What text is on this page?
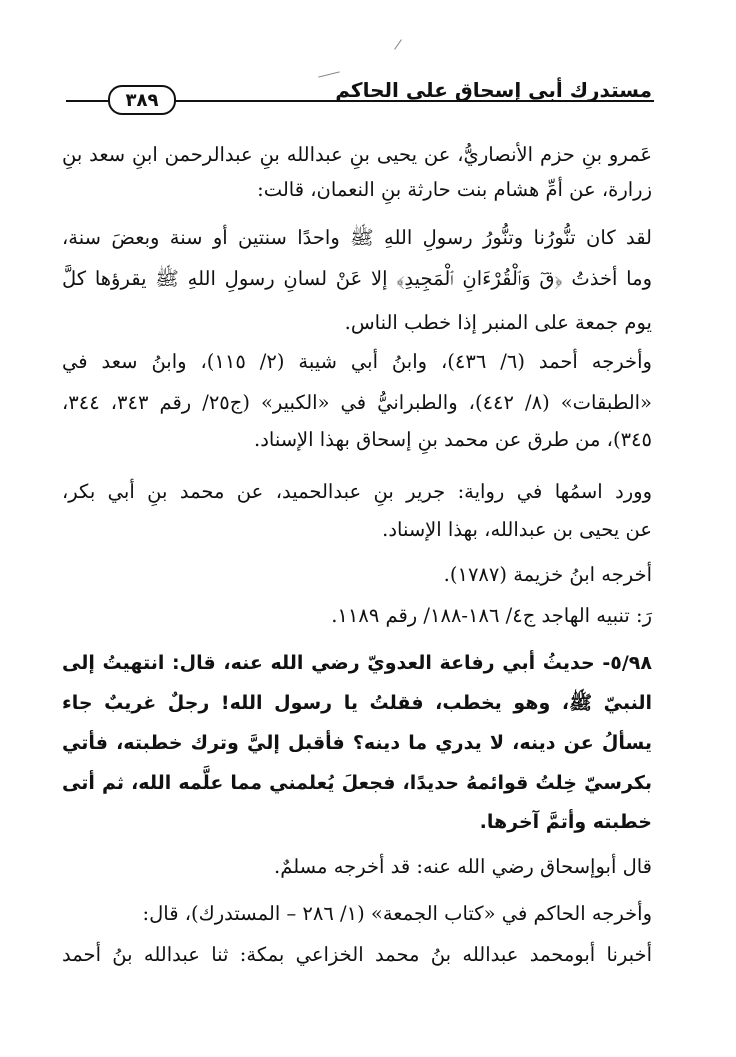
مستدرك أبي إسحاق على الحاكم
٣٨٩
عَمرو بنِ حزم الأنصاريُّ، عن يحيى بنِ عبدالله بنِ عبدالرحمن ابنِ سعد بنِ
زرارة، عن أمِّ هشام بنت حارثة بنِ النعمان، قالت:
لقد كان تنُّورُنا وتنُّورُ رسولِ اللهِ ﷺ واحدًا سنتين أو سنة وبعضَ سنة،
وما أخذتُ ﴿قٓ وَٱلْقُرْءَانِ ٱلْمَجِيدِ﴾ إلا عَنْ لسانِ رسولِ اللهِ ﷺ يقرؤها كلَّ
يوم جمعة على المنبر إذا خطب الناس.
وأخرجه أحمد (٦/ ٤٣٦)، وابنُ أبي شيبة (٢/ ١١٥)، وابنُ سعد في
«الطبقات» (٨/ ٤٤٢)، والطبرانيُّ في «الكبير» (ج٢٥/ رقم ٣٤٣، ٣٤٤،
٣٤٥)، من طرق عن محمد بنِ إسحاق بهذا الإسناد.
وورد اسمُها في رواية: جرير بنِ عبدالحميد، عن محمد بنِ أبي بكر،
عن يحيى بن عبدالله، بهذا الإسناد.
أخرجه ابنُ خزيمة (١٧٨٧).
رَ: تنبيه الهاجد ج٤/ ١٨٦-١٨٨/ رقم ١١٨٩.
٥/٩٨- حديثُ أبي رفاعة العدويّ رضي الله عنه، قال: انتهيتُ إلى
النبيّ ﷺ، وهو يخطب، فقلتُ يا رسول الله! رجلٌ غريبٌ جاء
يسألُ عن دينه، لا يدري ما دينه؟ فأقبل إليَّ وترك خطبته، فأتي
بكرسيّ خِلتُ قوائمهُ حديدًا، فجعلَ يُعلمني مما علَّمه الله، ثم أتى
خطبته وأتمَّ آخرها.
قال أبوإسحاق رضي الله عنه: قد أخرجه مسلمٌ.
وأخرجه الحاكم في «كتاب الجمعة» (١/ ٢٨٦ – المستدرك)، قال:
أخبرنا أبومحمد عبدالله بنُ محمد الخزاعي بمكة: ثنا عبدالله بنُ أحمد
